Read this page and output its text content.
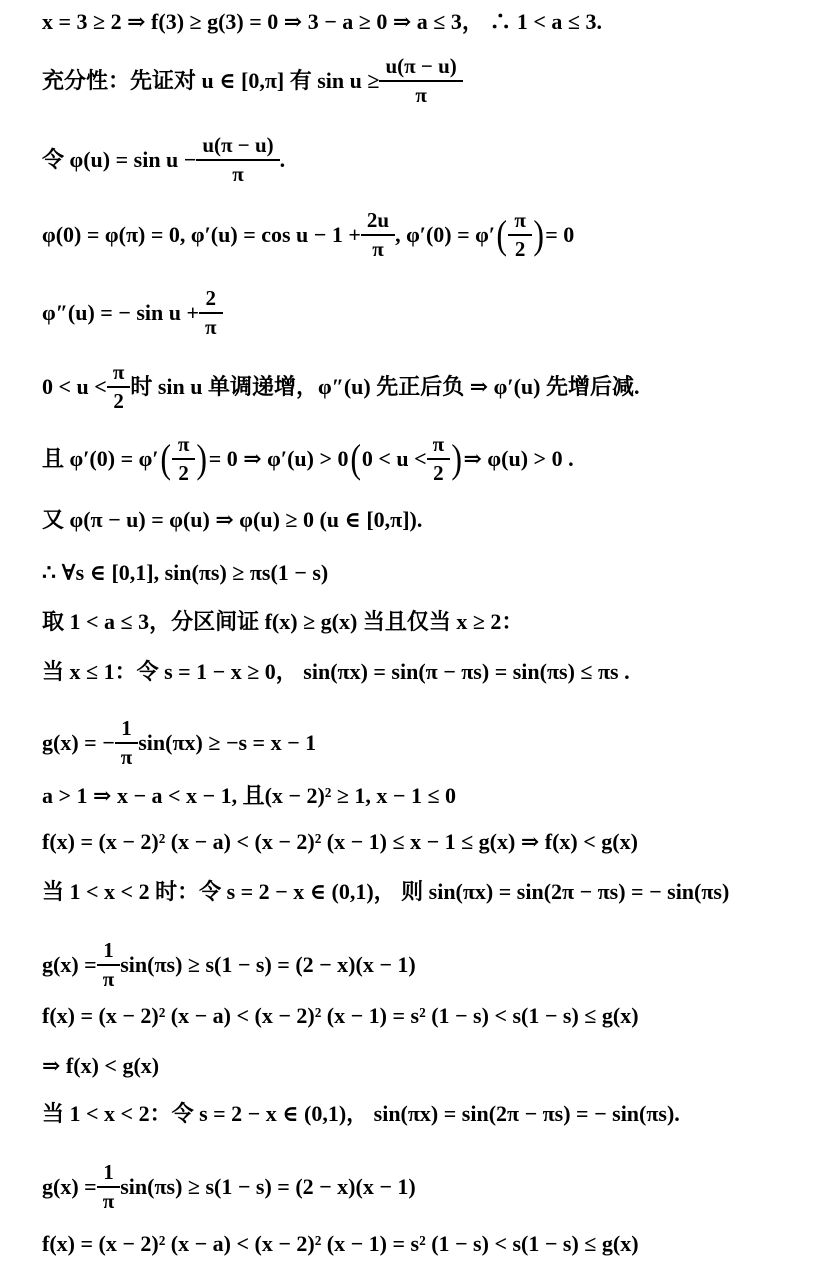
x = 3 ≥ 2 ⇒ f(3) ≥ g(3) = 0 ⇒ 3 − a ≥ 0 ⇒ a ≤ 3， ∴ 1 < a ≤ 3.
充分性：先证对 u ∈ [0,π] 有 $\sin u \ge \frac{u(\pi - u)}{\pi}$
令 $\varphi(u) = \sin u - \frac{u(\pi - u)}{\pi}$ .
φ(0) = φ(π) = 0, $\varphi'(u) = \cos u - 1 + \frac{2u}{\pi}$ , φ′(0) = φ′ ( $\frac{\pi}{2}$ ) = 0
φ″(u) = − $\sin u + \frac{2}{\pi}$
$0 < u < \frac{\pi}{2}$ 时 sin u 单调递增，φ″(u) 先正后负 ⇒ φ′(u) 先增后减.
且 φ′(0) = φ′ ( $\frac{\pi}{2}$ ) = 0 ⇒ φ′(u) > 0 ( $0 < u < \frac{\pi}{2}$ ) ⇒ φ(u) > 0 .
又 φ(π − u) = φ(u) ⇒ φ(u) ≥ 0 (u ∈ [0,π]).
∴ ∀s ∈ [0,1], sin(πs) ≥ πs(1 − s)
取 1 < a ≤ 3，分区间证 f(x) ≥ g(x) 当且仅当 x ≥ 2：
当 x ≤ 1：令 s = 1 − x ≥ 0， sin(πx) = sin(π − πs) = sin(πs) ≤ πs .
g(x) = − $\frac{1}{\pi} \sin(\pi x) \ge -s = x - 1$
a > 1 ⇒ x − a < x − 1, 且(x − 2)² ≥ 1, x − 1 ≤ 0
f(x) = (x − 2)² (x − a) < (x − 2)² (x − 1) ≤ x − 1 ≤ g(x) ⇒ f(x) < g(x)
当 1 < x < 2 时：令 s = 2 − x ∈ (0,1)， 则 sin(πx) = sin(2π − πs) = − sin(πs)
$g(x) = \frac{1}{\pi} \sin(\pi s) \ge s(1 - s) = (2 - x)(x - 1)$
f(x) = (x − 2)² (x − a) < (x − 2)² (x − 1) = s² (1 − s) < s(1 − s) ≤ g(x)
⇒ f(x) < g(x)
当 1 < x < 2：令 s = 2 − x ∈ (0,1)， sin(πx) = sin(2π − πs) = − sin(πs).
$g(x) = \frac{1}{\pi} \sin(\pi s) \ge s(1 - s) = (2 - x)(x - 1)$
f(x) = (x − 2)² (x − a) < (x − 2)² (x − 1) = s² (1 − s) < s(1 − s) ≤ g(x)
